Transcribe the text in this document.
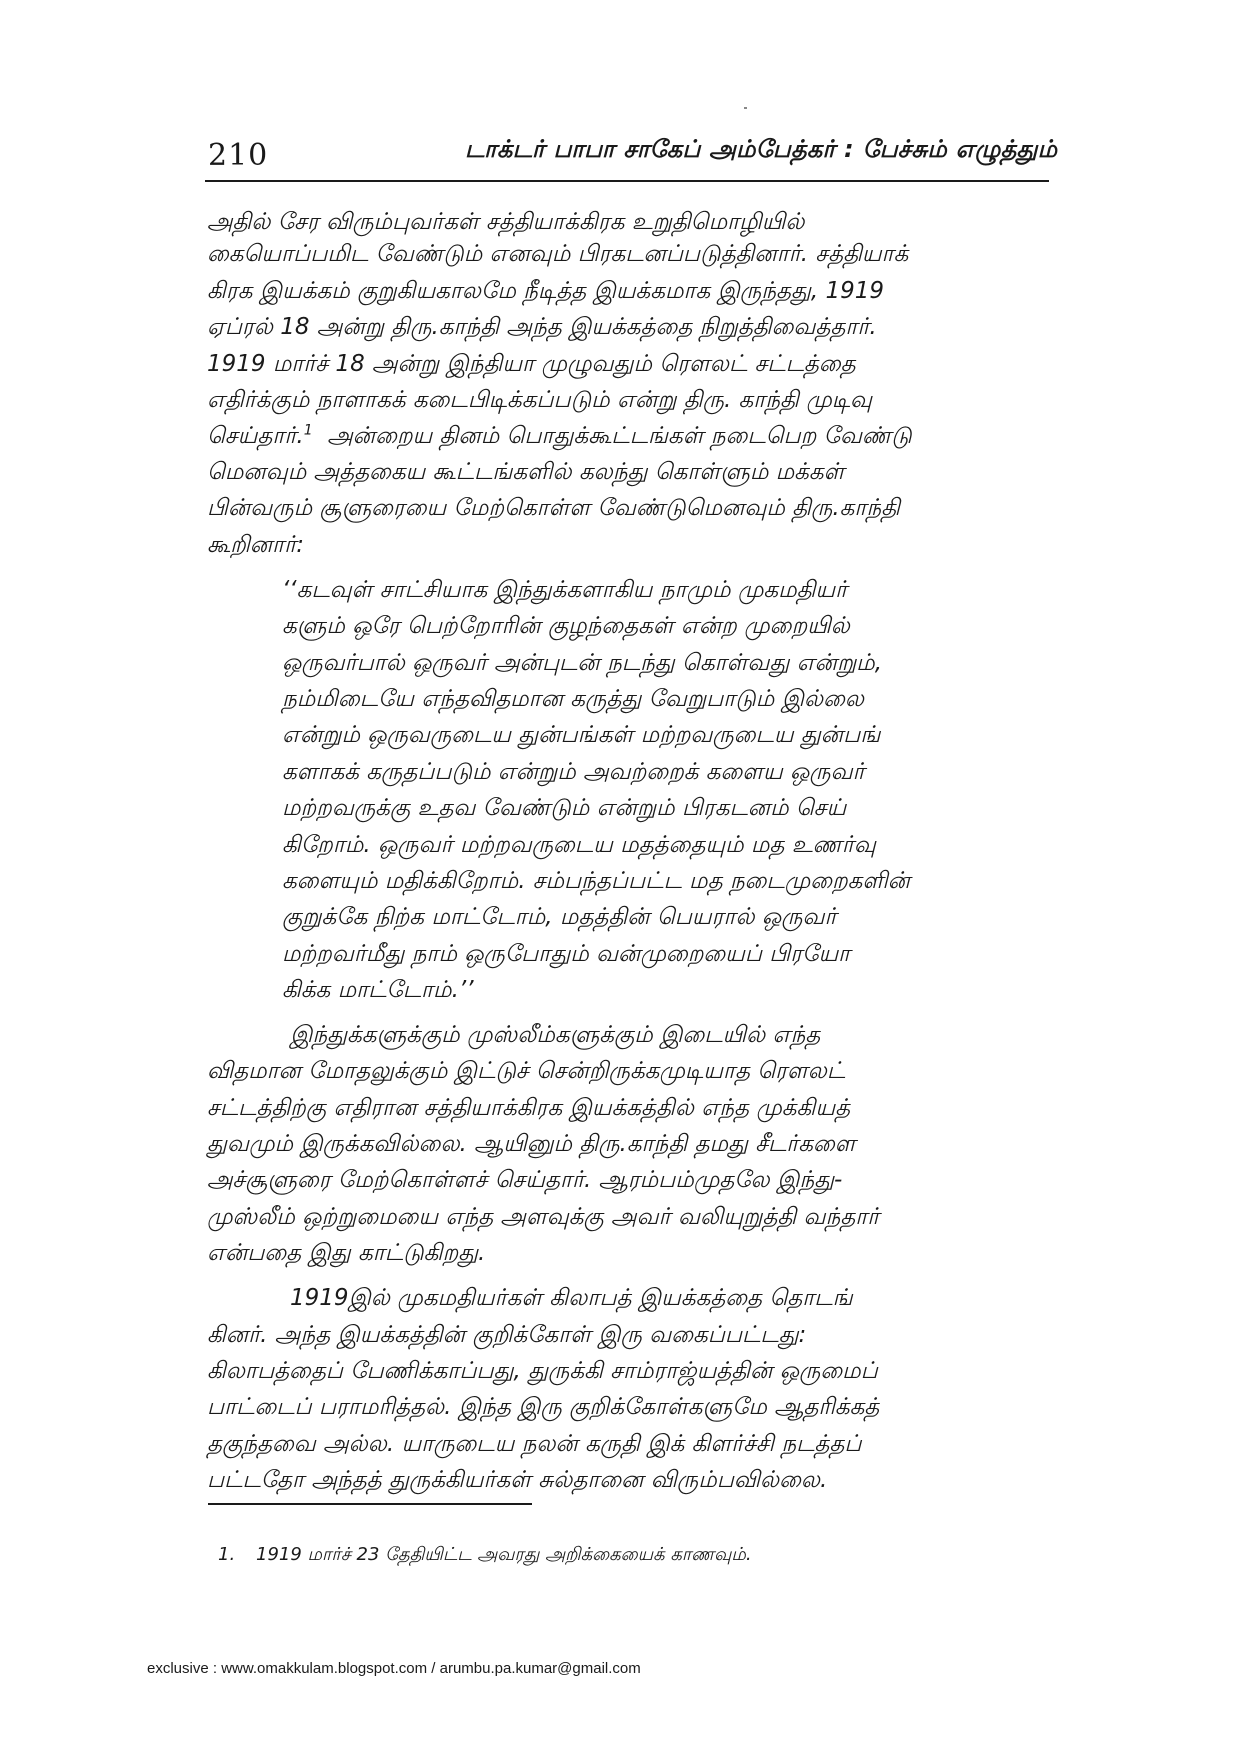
210	டாக்டர் பாபா சாகேப் அம்பேத்கர் : பேச்சும் எழுத்தும்
அதில் சேர விரும்புவர்கள் சத்தியாக்கிரக உறுதிமொழியில்
கையொப்பமிட வேண்டும் எனவும் பிரகடனப்படுத்தினார். சத்தியாக்
கிரக இயக்கம் குறுகியகாலமே நீடித்த இயக்கமாக இருந்தது, 1919
ஏப்ரல் 18 அன்று திரு.காந்தி அந்த இயக்கத்தை நிறுத்திவைத்தார்.
1919 மார்ச் 18 அன்று இந்தியா முழுவதும் ரௌலட் சட்டத்தை
எதிர்க்கும் நாளாகக் கடைபிடிக்கப்படும் என்று திரு. காந்தி முடிவு
செய்தார்.$^1$ அன்றைய தினம் பொதுக்கூட்டங்கள் நடைபெற வேண்டு
மெனவும் அத்தகைய கூட்டங்களில் கலந்து கொள்ளும் மக்கள்
பின்வரும் சூளுரையை மேற்கொள்ள வேண்டுமெனவும் திரு.காந்தி
கூறினார்:
‘‘கடவுள் சாட்சியாக இந்துக்களாகிய நாமும் முகமதியர்
களும் ஒரே பெற்றோரின் குழந்தைகள் என்ற முறையில்
ஒருவர்பால் ஒருவர் அன்புடன் நடந்து கொள்வது என்றும்,
நம்மிடையே எந்தவிதமான கருத்து வேறுபாடும் இல்லை
என்றும் ஒருவருடைய துன்பங்கள் மற்றவருடைய துன்பங்
களாகக் கருதப்படும் என்றும் அவற்றைக் களைய ஒருவர்
மற்றவருக்கு உதவ வேண்டும் என்றும் பிரகடனம் செய்
கிறோம். ஒருவர் மற்றவருடைய மதத்தையும் மத உணர்வு
களையும் மதிக்கிறோம். சம்பந்தப்பட்ட மத நடைமுறைகளின்
குறுக்கே நிற்க மாட்டோம், மதத்தின் பெயரால் ஒருவர்
மற்றவர்மீது நாம் ஒருபோதும் வன்முறையைப் பிரயோ
கிக்க மாட்டோம்.’’
இந்துக்களுக்கும் முஸ்லீம்களுக்கும் இடையில் எந்த
விதமான மோதலுக்கும் இட்டுச் சென்றிருக்கமுடியாத ரௌலட்
சட்டத்திற்கு எதிரான சத்தியாக்கிரக இயக்கத்தில் எந்த முக்கியத்
துவமும் இருக்கவில்லை. ஆயினும் திரு.காந்தி தமது சீடர்களை
அச்சூளுரை மேற்கொள்ளச் செய்தார். ஆரம்பம்முதலே இந்து-
முஸ்லீம் ஒற்றுமையை எந்த அளவுக்கு அவர் வலியுறுத்தி வந்தார்
என்பதை இது காட்டுகிறது.
1919இல் முகமதியர்கள் கிலாபத் இயக்கத்தை தொடங்
கினர். அந்த இயக்கத்தின் குறிக்கோள் இரு வகைப்பட்டது:
கிலாபத்தைப் பேணிக்காப்பது, துருக்கி சாம்ராஜ்யத்தின் ஒருமைப்
பாட்டைப் பராமரித்தல். இந்த இரு குறிக்கோள்களுமே ஆதரிக்கத்
தகுந்தவை அல்ல. யாருடைய நலன் கருதி இக் கிளர்ச்சி நடத்தப்
பட்டதோ அந்தத் துருக்கியர்கள் சுல்தானை விரும்பவில்லை.
1. 1919 மார்ச் 23 தேதியிட்ட அவரது அறிக்கையைக் காணவும்.
exclusive : www.omakkulam.blogspot.com / arumbu.pa.kumar@gmail.com
